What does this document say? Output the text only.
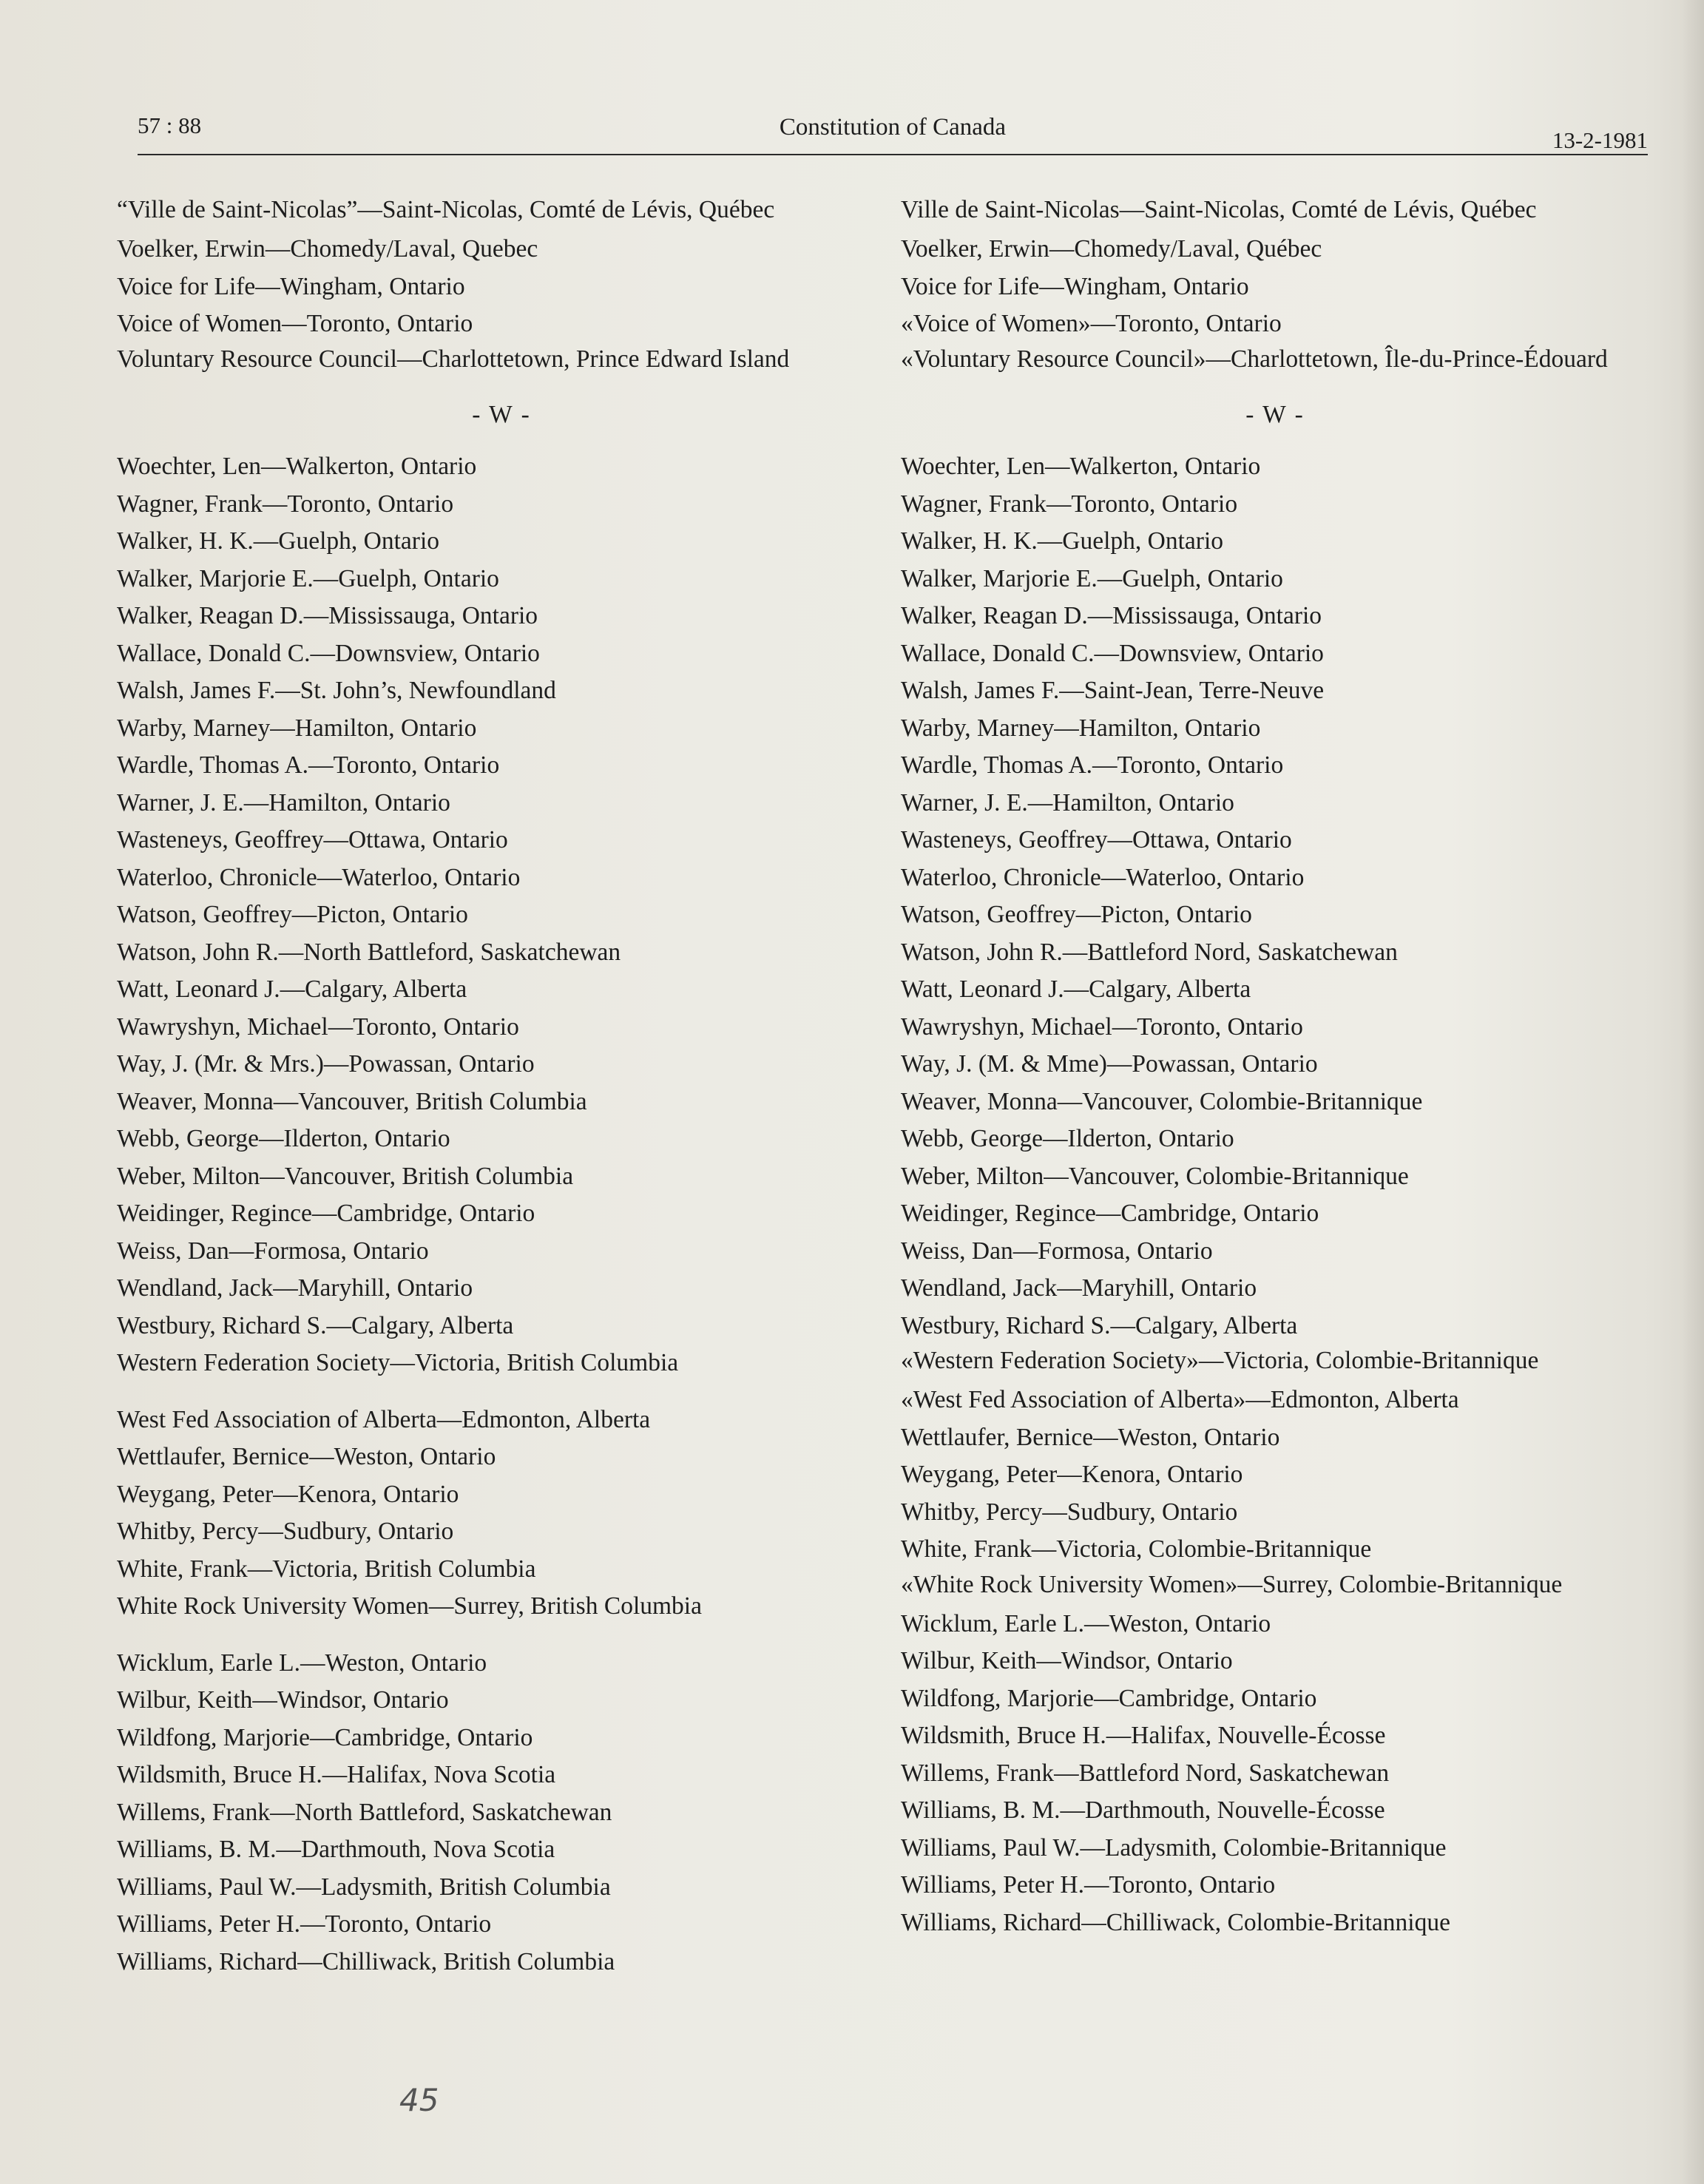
57 : 88	Constitution of Canada	13-2-1981

“Ville de Saint-Nicolas”—Saint-Nicolas, Comté de Lévis, Québec

Voelker, Erwin—Chomedy/Laval, Quebec

Voice for Life—Wingham, Ontario

Voice of Women—Toronto, Ontario

Voluntary Resource Council—Charlottetown, Prince Edward Island

- W -

Woechter, Len—Walkerton, Ontario

Wagner, Frank—Toronto, Ontario

Walker, H. K.—Guelph, Ontario

Walker, Marjorie E.—Guelph, Ontario

Walker, Reagan D.—Mississauga, Ontario

Wallace, Donald C.—Downsview, Ontario

Walsh, James F.—St. John’s, Newfoundland

Warby, Marney—Hamilton, Ontario

Wardle, Thomas A.—Toronto, Ontario

Warner, J. E.—Hamilton, Ontario

Wasteneys, Geoffrey—Ottawa, Ontario

Waterloo, Chronicle—Waterloo, Ontario

Watson, Geoffrey—Picton, Ontario

Watson, John R.—North Battleford, Saskatchewan

Watt, Leonard J.—Calgary, Alberta

Wawryshyn, Michael—Toronto, Ontario

Way, J. (Mr. & Mrs.)—Powassan, Ontario

Weaver, Monna—Vancouver, British Columbia

Webb, George—Ilderton, Ontario

Weber, Milton—Vancouver, British Columbia

Weidinger, Regince—Cambridge, Ontario

Weiss, Dan—Formosa, Ontario

Wendland, Jack—Maryhill, Ontario

Westbury, Richard S.—Calgary, Alberta

Western Federation Society—Victoria, British Columbia

West Fed Association of Alberta—Edmonton, Alberta

Wettlaufer, Bernice—Weston, Ontario

Weygang, Peter—Kenora, Ontario

Whitby, Percy—Sudbury, Ontario

White, Frank—Victoria, British Columbia

White Rock University Women—Surrey, British Columbia

Wicklum, Earle L.—Weston, Ontario

Wilbur, Keith—Windsor, Ontario

Wildfong, Marjorie—Cambridge, Ontario

Wildsmith, Bruce H.—Halifax, Nova Scotia

Willems, Frank—North Battleford, Saskatchewan

Williams, B. M.—Darthmouth, Nova Scotia

Williams, Paul W.—Ladysmith, British Columbia

Williams, Peter H.—Toronto, Ontario

Williams, Richard—Chilliwack, British Columbia

Ville de Saint-Nicolas—Saint-Nicolas, Comté de Lévis, Québec

Voelker, Erwin—Chomedy/Laval, Québec

Voice for Life—Wingham, Ontario

«Voice of Women»—Toronto, Ontario

«Voluntary Resource Council»—Charlottetown, Île-du-Prince-Édouard

- W -

Woechter, Len—Walkerton, Ontario

Wagner, Frank—Toronto, Ontario

Walker, H. K.—Guelph, Ontario

Walker, Marjorie E.—Guelph, Ontario

Walker, Reagan D.—Mississauga, Ontario

Wallace, Donald C.—Downsview, Ontario

Walsh, James F.—Saint-Jean, Terre-Neuve

Warby, Marney—Hamilton, Ontario

Wardle, Thomas A.—Toronto, Ontario

Warner, J. E.—Hamilton, Ontario

Wasteneys, Geoffrey—Ottawa, Ontario

Waterloo, Chronicle—Waterloo, Ontario

Watson, Geoffrey—Picton, Ontario

Watson, John R.—Battleford Nord, Saskatchewan

Watt, Leonard J.—Calgary, Alberta

Wawryshyn, Michael—Toronto, Ontario

Way, J. (M. & Mme)—Powassan, Ontario

Weaver, Monna—Vancouver, Colombie-Britannique

Webb, George—Ilderton, Ontario

Weber, Milton—Vancouver, Colombie-Britannique

Weidinger, Regince—Cambridge, Ontario

Weiss, Dan—Formosa, Ontario

Wendland, Jack—Maryhill, Ontario

Westbury, Richard S.—Calgary, Alberta

«Western Federation Society»—Victoria, Colombie-Britannique

«West Fed Association of Alberta»—Edmonton, Alberta

Wettlaufer, Bernice—Weston, Ontario

Weygang, Peter—Kenora, Ontario

Whitby, Percy—Sudbury, Ontario

White, Frank—Victoria, Colombie-Britannique

«White Rock University Women»—Surrey, Colombie-Britannique

Wicklum, Earle L.—Weston, Ontario

Wilbur, Keith—Windsor, Ontario

Wildfong, Marjorie—Cambridge, Ontario

Wildsmith, Bruce H.—Halifax, Nouvelle-Écosse

Willems, Frank—Battleford Nord, Saskatchewan

Williams, B. M.—Darthmouth, Nouvelle-Écosse

Williams, Paul W.—Ladysmith, Colombie-Britannique

Williams, Peter H.—Toronto, Ontario

Williams, Richard—Chilliwack, Colombie-Britannique

45
